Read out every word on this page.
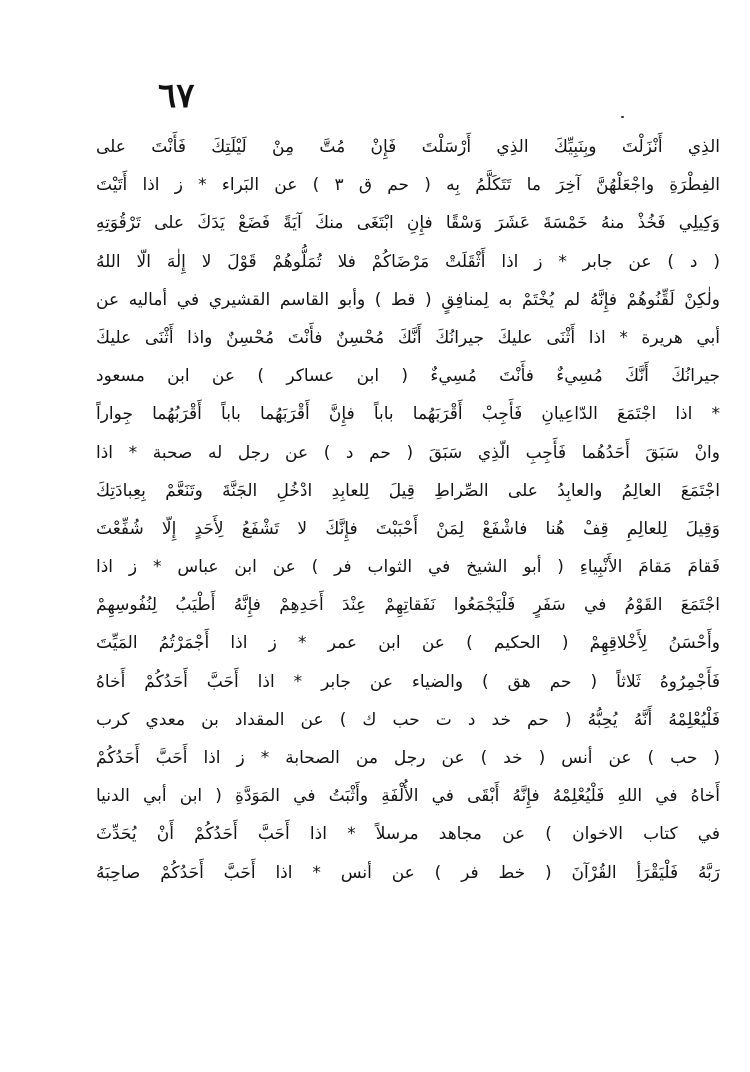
٦٧
الذِي أَنْزَلْتَ وبِنَبِيِّكَ الذِي أَرْسَلْتَ فَإِنْ مُتَّ مِنْ لَيْلَتِكَ فَأَنْتَ على
الفِطْرَةِ واجْعَلْهُنَّ آخِرَ ما تَتَكَلَّمُ بِه ( حم ق ٣ ) عن البَراء * ز اذا أَتَيْتَ
وَكِيلِي فَخُذْ منهُ خَمْسَةَ عَشَرَ وَسْقًا فإِنِ ابْتَغَى منكَ آيَةً فَضَعْ يَدَكَ على تَرْقُوَتِهِ
( د ) عن جابر * ز اذا أَثْقَلَتْ مَرْضَاكُمْ فلا تُمَلُّوهُمْ قَوْلَ لا إِلٰهَ الّا اللهُ
ولٰكِنْ لَقِّنُوهُمْ فإِنَّهُ لم يُخْتَمْ به لِمنافِقٍ ( قط ) وأبو القاسم القشيري في أماليه عن
أبي هريرة * اذا أَثْنَى عليكَ جيرانُكَ أَنَّكَ مُحْسِنٌ فأَنْتَ مُحْسِنٌ واذا أَثْنَى عليكَ
جيرانُكَ أَنَّكَ مُسِيءٌ فأَنْتَ مُسِيءٌ ( ابن عساكر ) عن ابن مسعود
* اذا اجْتَمَعَ الدّاعِيانِ فَأَجِبْ أَقْرَبَهُما باباً فإِنَّ أَقْرَبَهُما باباً أَقْرَبُهُما جِواراً
وانْ سَبَقَ أَحَدُهُما فَأَجِبِ الّذِي سَبَقَ ( حم د ) عن رجل له صحبة * اذا
اجْتَمَعَ العالِمُ والعابِدُ على الصِّراطِ قِيلَ لِلعابِدِ ادْخُلِ الجَنَّةَ وتَنَعَّمْ بِعِبادَتِكَ
وَقِيلَ لِلعالِمِ قِفْ هُنا فاشْفَعْ لِمَنْ أَحْبَبْتَ فإِنَّكَ لا تَشْفَعُ لِأَحَدٍ إِلّا شُفِّعْتَ
فَقامَ مَقامَ الأَنْبِياءِ ( أبو الشيخ في الثواب فر ) عن ابن عباس * ز اذا
اجْتَمَعَ القَوْمُ في سَفَرٍ فَلْيَجْمَعُوا نَفَقاتِهِمْ عِنْدَ أَحَدِهِمْ فإِنَّهُ أَطْيَبُ لِنُفُوسِهِمْ
وأَحْسَنُ لِأَخْلاقِهِمْ ( الحكيم ) عن ابن عمر * ز اذا أَجْمَرْتُمُ المَيِّتَ
فَأَجْمِرُوهُ ثَلاثاً ( حم هق ) والضياء عن جابر * اذا أَحَبَّ أَحَدُكُمْ أَخاهُ
فَلْيُعْلِمْهُ أَنَّهُ يُحِبُّهُ ( حم خد د ت حب ك ) عن المقداد بن معدي كرب
( حب ) عن أنس ( خد ) عن رجل من الصحابة * ز اذا أَحَبَّ أَحَدُكُمْ
أَخاهُ في اللهِ فَلْيُعْلِمْهُ فإِنَّهُ أَبْقَى في الأُلْفَةِ وأَثْبَتُ في المَوَدَّةِ ( ابن أبي الدنيا
في كتاب الاخوان ) عن مجاهد مرسلاً * اذا أَحَبَّ أَحَدُكُمْ أَنْ يُحَدِّثَ
رَبَّهُ فَلْيَقْرَأِ القُرْآنَ ( خط فر ) عن أنس * اذا أَحَبَّ أَحَدُكُمْ صاحِبَهُ
